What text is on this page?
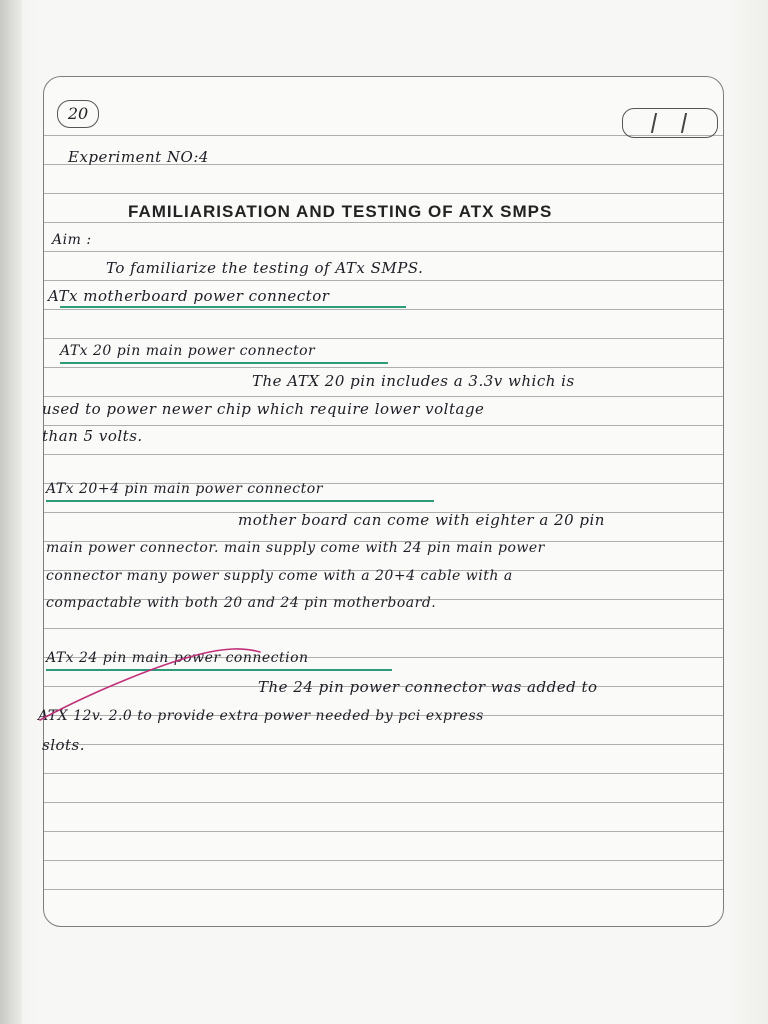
20
Experiment NO:4
FAMILIARISATION AND TESTING OF ATX SMPS
Aim :
To familiarize the testing of ATx SMPS.
ATx motherboard power connector
ATx 20 pin main power connector
The ATX 20 pin includes a 3.3v which is
used to power newer chip which require lower voltage
than 5 volts.
ATx 20+4 pin main power connector
mother board can come with eighter a 20 pin
main power connector. main supply come with 24 pin main power
connector many power supply come with a 20+4 cable with a
compactable with both 20 and 24 pin motherboard.
ATx 24 pin main power connection
The 24 pin power connector was added to
ATX 12v. 2.0 to provide extra power needed by pci express
slots.
